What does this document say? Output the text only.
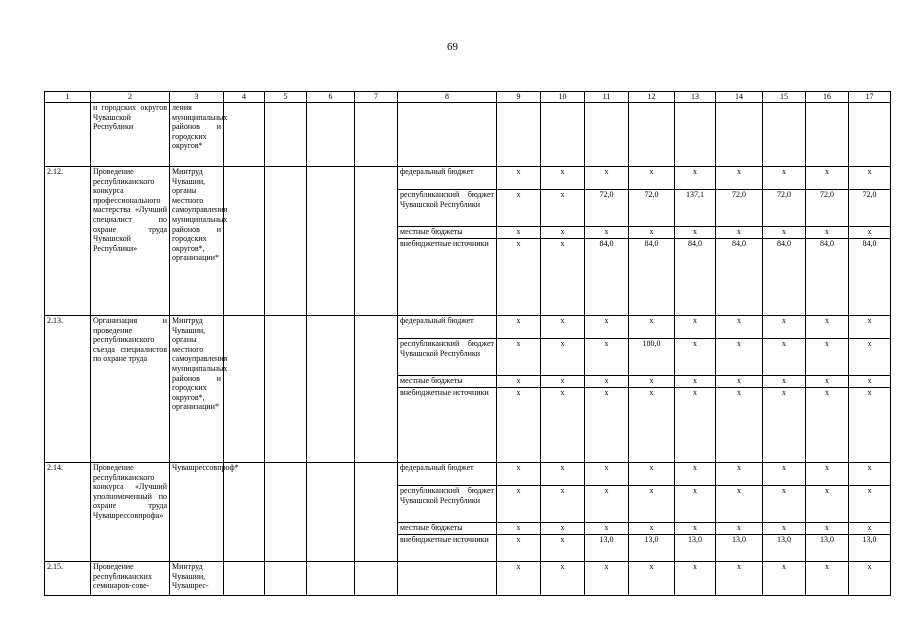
69
1	2	3	4	5	6	7	8	9	10	11	12	13	14	15	16	17
	и городских округов Чувашской Республики	ления муниципальных районов и городских округов*														
2.12.	Проведение республиканского конкурса профессионального мастерства «Лучший специалист по охране труда Чувашской Республики»	Минтруд Чувашии, органы местного самоуправления муниципальных районов и городских округов*, организации*					федеральный бюджет	х	х	х	х	х	х	х	х	х
							республиканский бюджет Чувашской Республики	х	х	72,0	72,0	137,1	72,0	72,0	72,0	72,0
							местные бюджеты	х	х	х	х	х	х	х	х	х
							внебюджетные источники	х	х	84,0	84,0	84,0	84,0	84,0	84,0	84,0
2.13.	Организация и проведение республиканского съезда специалистов по охране труда	Минтруд Чувашии, органы местного самоуправления муниципальных районов и городских округов*, организации*					федеральный бюджет	х	х	х	х	х	х	х	х	х
							республиканский бюджет Чувашской Республики	х	х	х	180,0	х	х	х	х	х
							местные бюджеты	х	х	х	х	х	х	х	х	х
							внебюджетные источники	х	х	х	х	х	х	х	х	х
2.14.	Проведение республиканского конкурса «Лучший уполномоченный по охране труда Чувашрессовпрофа»	Чувашрессовпроф*					федеральный бюджет	х	х	х	х	х	х	х	х	х
							республиканский бюджет Чувашской Республики	х	х	х	х	х	х	х	х	х
							местные бюджеты	х	х	х	х	х	х	х	х	х
							внебюджетные источники	х	х	13,0	13,0	13,0	13,0	13,0	13,0	13,0
2.15.	Проведение республиканских семинаров-сове-	Минтруд Чувашии, Чувашрес-						х	х	х	х	х	х	х	х	х
